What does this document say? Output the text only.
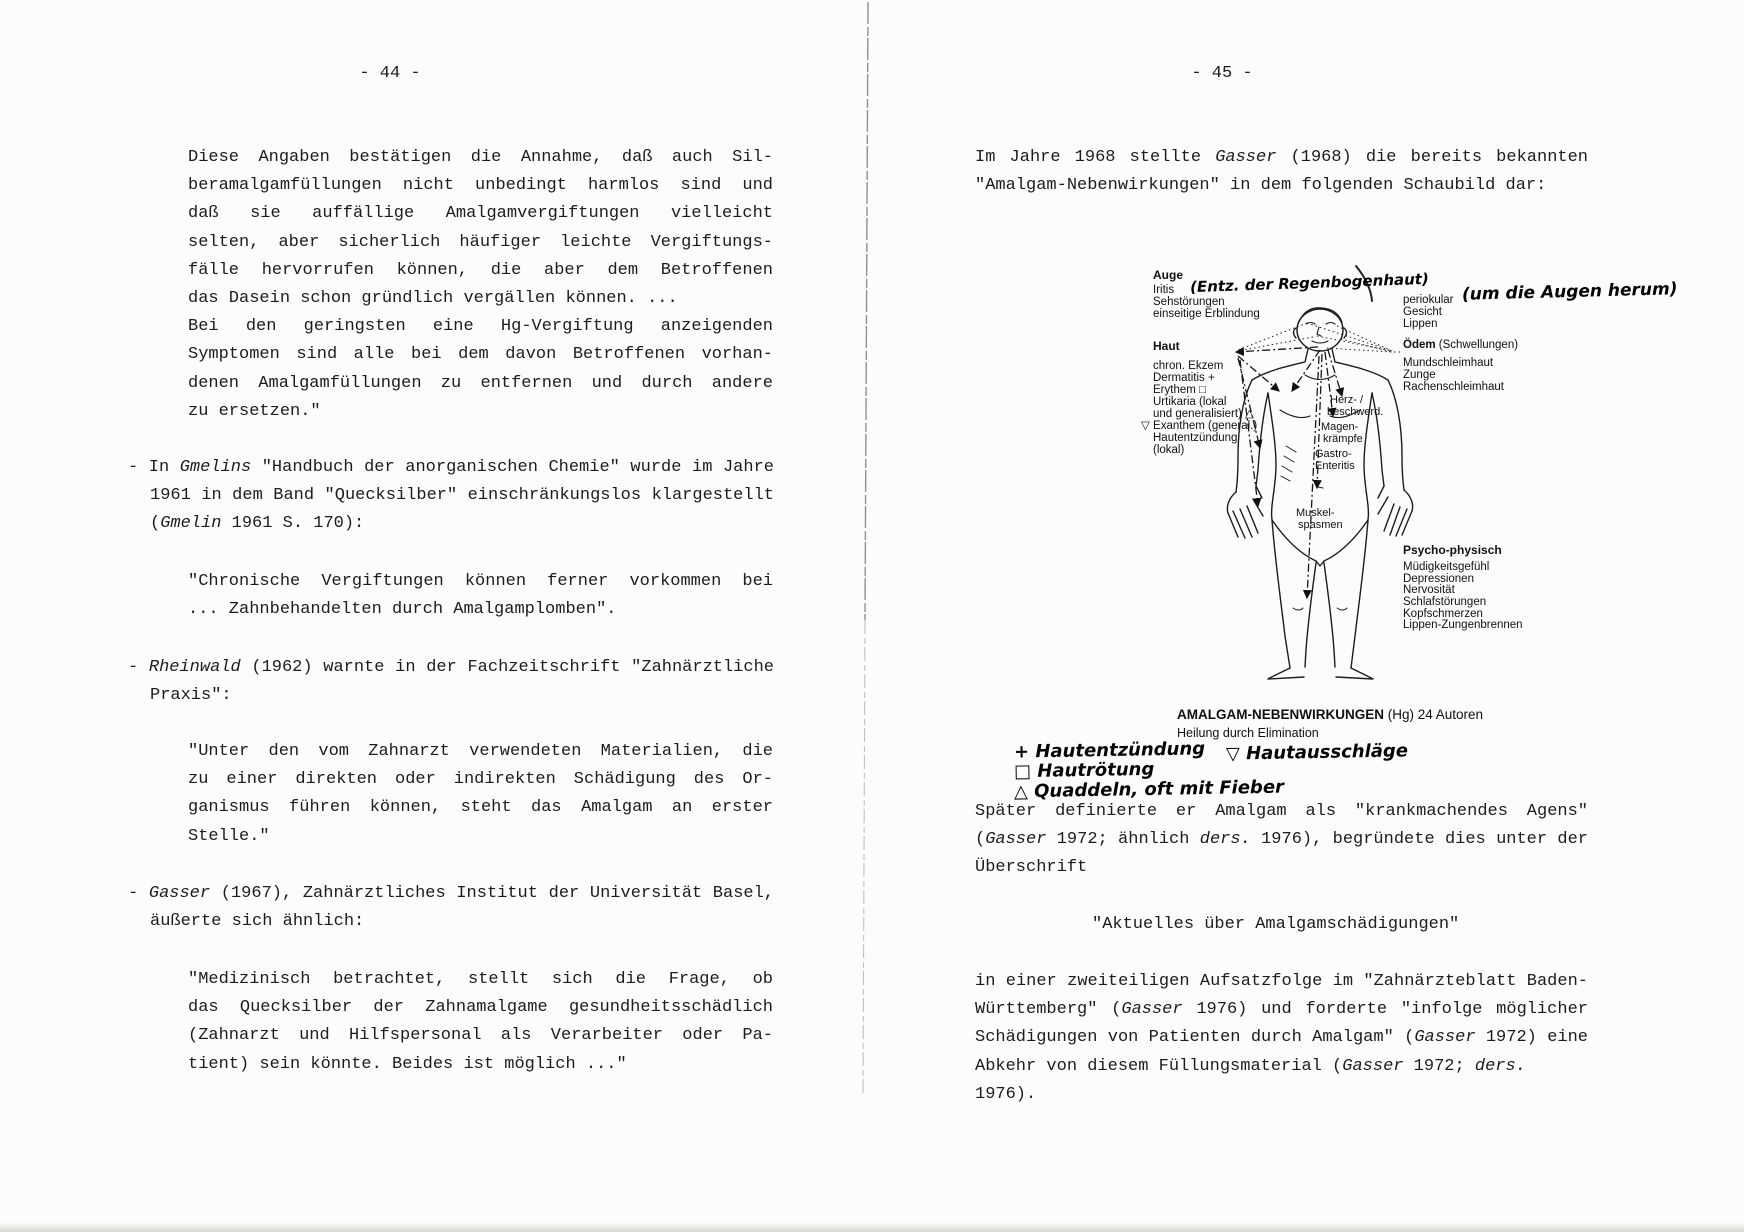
- 44 -
Diese Angaben bestätigen die Annahme, daß auch Sil-
beramalgamfüllungen nicht unbedingt harmlos sind und
daß sie auffällige Amalgamvergiftungen vielleicht
selten, aber sicherlich häufiger leichte Vergiftungs-
fälle hervorrufen können, die aber dem Betroffenen
das Dasein schon gründlich vergällen können. ...
Bei den geringsten eine Hg-Vergiftung anzeigenden
Symptomen sind alle bei dem davon Betroffenen vorhan-
denen Amalgamfüllungen zu entfernen und durch andere
zu ersetzen."
- In Gmelins "Handbuch der anorganischen Chemie" wurde im Jahre
1961 in dem Band "Quecksilber" einschränkungslos klargestellt
(Gmelin 1961 S. 170):
"Chronische Vergiftungen können ferner vorkommen bei
... Zahnbehandelten durch Amalgamplomben".
- Rheinwald (1962) warnte in der Fachzeitschrift "Zahnärztliche
Praxis":
"Unter den vom Zahnarzt verwendeten Materialien, die
zu einer direkten oder indirekten Schädigung des Or-
ganismus führen können, steht das Amalgam an erster
Stelle."
- Gasser (1967), Zahnärztliches Institut der Universität Basel,
äußerte sich ähnlich:
"Medizinisch betrachtet, stellt sich die Frage, ob
das Quecksilber der Zahnamalgame gesundheitsschädlich
(Zahnarzt und Hilfspersonal als Verarbeiter oder Pa-
tient) sein könnte. Beides ist möglich ..."
- 45 -
Im Jahre 1968 stellte Gasser (1968) die bereits bekannten
"Amalgam-Nebenwirkungen" in dem folgenden Schaubild dar:
Später definierte er Amalgam als "krankmachendes Agens"
(Gasser 1972; ähnlich ders. 1976), begründete dies unter der
Überschrift
"Aktuelles über Amalgamschädigungen"
in einer zweiteiligen Aufsatzfolge im "Zahnärzteblatt Baden-
Württemberg" (Gasser 1976) und forderte "infolge möglicher
Schädigungen von Patienten durch Amalgam" (Gasser 1972) eine
Abkehr von diesem Füllungsmaterial (Gasser 1972; ders. 1976).
Auge
Iritis (Entz. der Regenbogenhaut)
Sehstörungen
einseitige Erblindung
Haut
chron. Ekzem
Dermatitis +
Erythem □
Urtikaria (lokal
und generalisiert) △
▽ Exanthem (general.)
Hautentzündung
(lokal)
periokular (um die Augen herum)
Gesicht
Lippen
Ödem (Schwellungen)
Mundschleimhaut
Zunge
Rachenschleimhaut
Psycho-physisch
Müdigkeitsgefühl
Depressionen
Nervosität
Schlafstörungen
Kopfschmerzen
Lippen-Zungenbrennen
Herz- /
beschwerd.
Magen-
krämpfe
Gastro-
Enteritis
Muskel-
spasmen
AMALGAM-NEBENWIRKUNGEN (Hg) 24 Autoren
Heilung durch Elimination
+ Hautentzündung ▽ Hautausschläge
□ Hautrötung
△ Quaddeln, oft mit Fieber
